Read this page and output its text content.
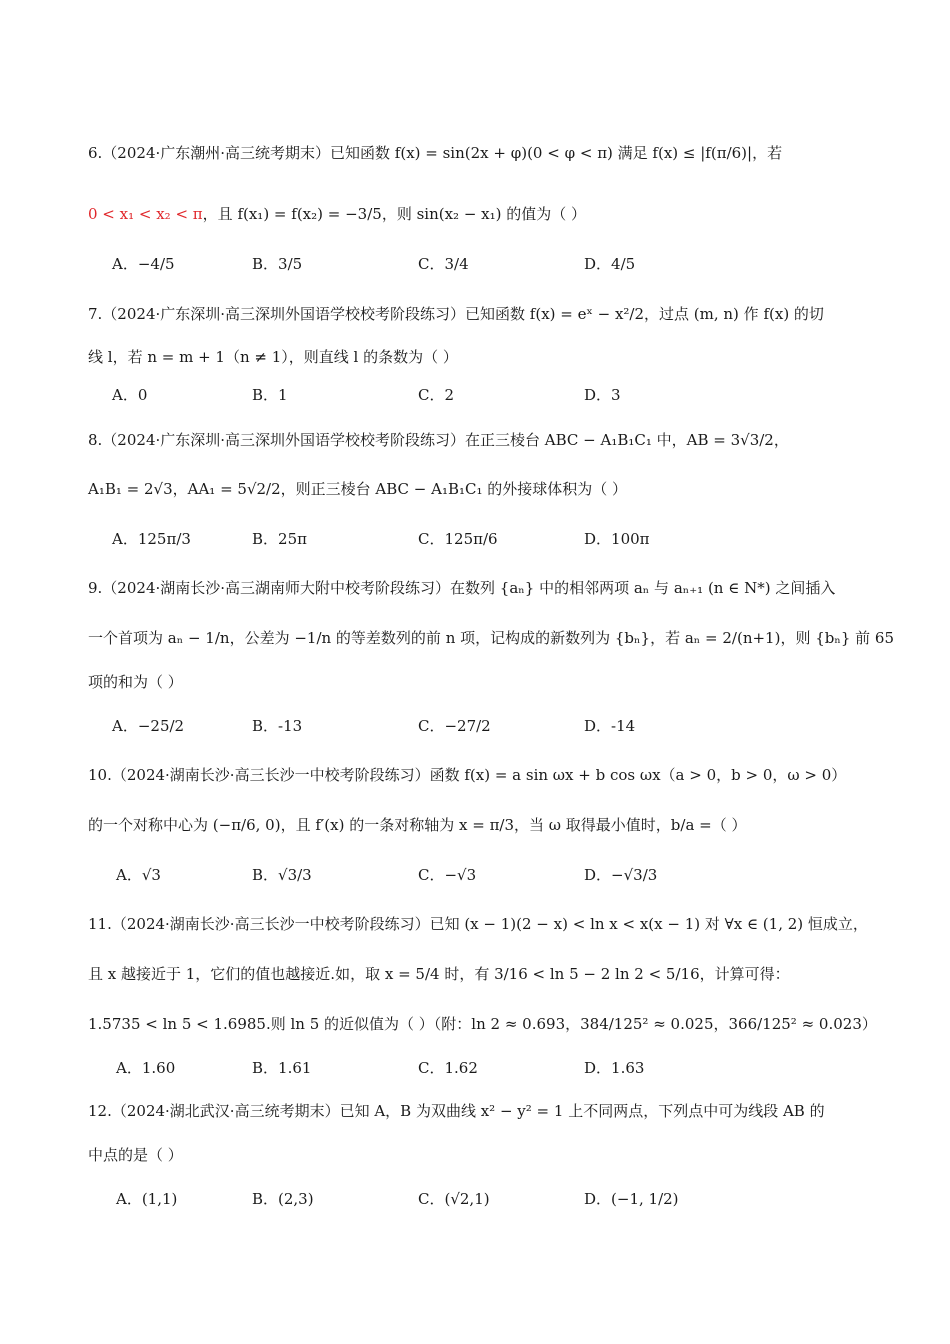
6.（2024·广东潮州·高三统考期末）已知函数 f(x) = sin(2x + φ)(0 < φ < π) 满足 f(x) ≤ |f(π/6)|，若
0 < x₁ < x₂ < π，且 f(x₁) = f(x₂) = −3/5，则 sin(x₂ − x₁) 的值为（ ）
A．−4/5	B．3/5	C．3/4	D．4/5
7.（2024·广东深圳·高三深圳外国语学校校考阶段练习）已知函数 f(x) = eˣ − x²/2，过点 (m, n) 作 f(x) 的切
线 l，若 n = m + 1（n ≠ 1），则直线 l 的条数为（ ）
A．0	B．1	C．2	D．3
8.（2024·广东深圳·高三深圳外国语学校校考阶段练习）在正三棱台 ABC − A₁B₁C₁ 中，AB = 3√3/2，
A₁B₁ = 2√3，AA₁ = 5√2/2，则正三棱台 ABC − A₁B₁C₁ 的外接球体积为（ ）
A．125π/3	B．25π	C．125π/6	D．100π
9.（2024·湖南长沙·高三湖南师大附中校考阶段练习）在数列 {aₙ} 中的相邻两项 aₙ 与 aₙ₊₁ (n ∈ N*) 之间插入
一个首项为 aₙ − 1/n，公差为 −1/n 的等差数列的前 n 项，记构成的新数列为 {bₙ}，若 aₙ = 2/(n+1)，则 {bₙ} 前 65
项的和为（ ）
A．−25/2	B．-13	C．−27/2	D．-14
10.（2024·湖南长沙·高三长沙一中校考阶段练习）函数 f(x) = a sin ωx + b cos ωx（a > 0，b > 0，ω > 0）
的一个对称中心为 (−π/6, 0)，且 f′(x) 的一条对称轴为 x = π/3，当 ω 取得最小值时，b/a =（ ）
A．√3	B．√3/3	C．−√3	D．−√3/3
11.（2024·湖南长沙·高三长沙一中校考阶段练习）已知 (x − 1)(2 − x) < ln x < x(x − 1) 对 ∀x ∈ (1, 2) 恒成立，
且 x 越接近于 1，它们的值也越接近.如，取 x = 5/4 时，有 3/16 < ln 5 − 2 ln 2 < 5/16，计算可得：
1.5735 < ln 5 < 1.6985.则 ln 5 的近似值为（ ）（附：ln 2 ≈ 0.693，384/125² ≈ 0.025，366/125² ≈ 0.023）
A．1.60	B．1.61	C．1.62	D．1.63
12.（2024·湖北武汉·高三统考期末）已知 A，B 为双曲线 x² − y² = 1 上不同两点，下列点中可为线段 AB 的
中点的是（ ）
A．(1,1)	B．(2,3)	C．(√2,1)	D．(−1, 1/2)
